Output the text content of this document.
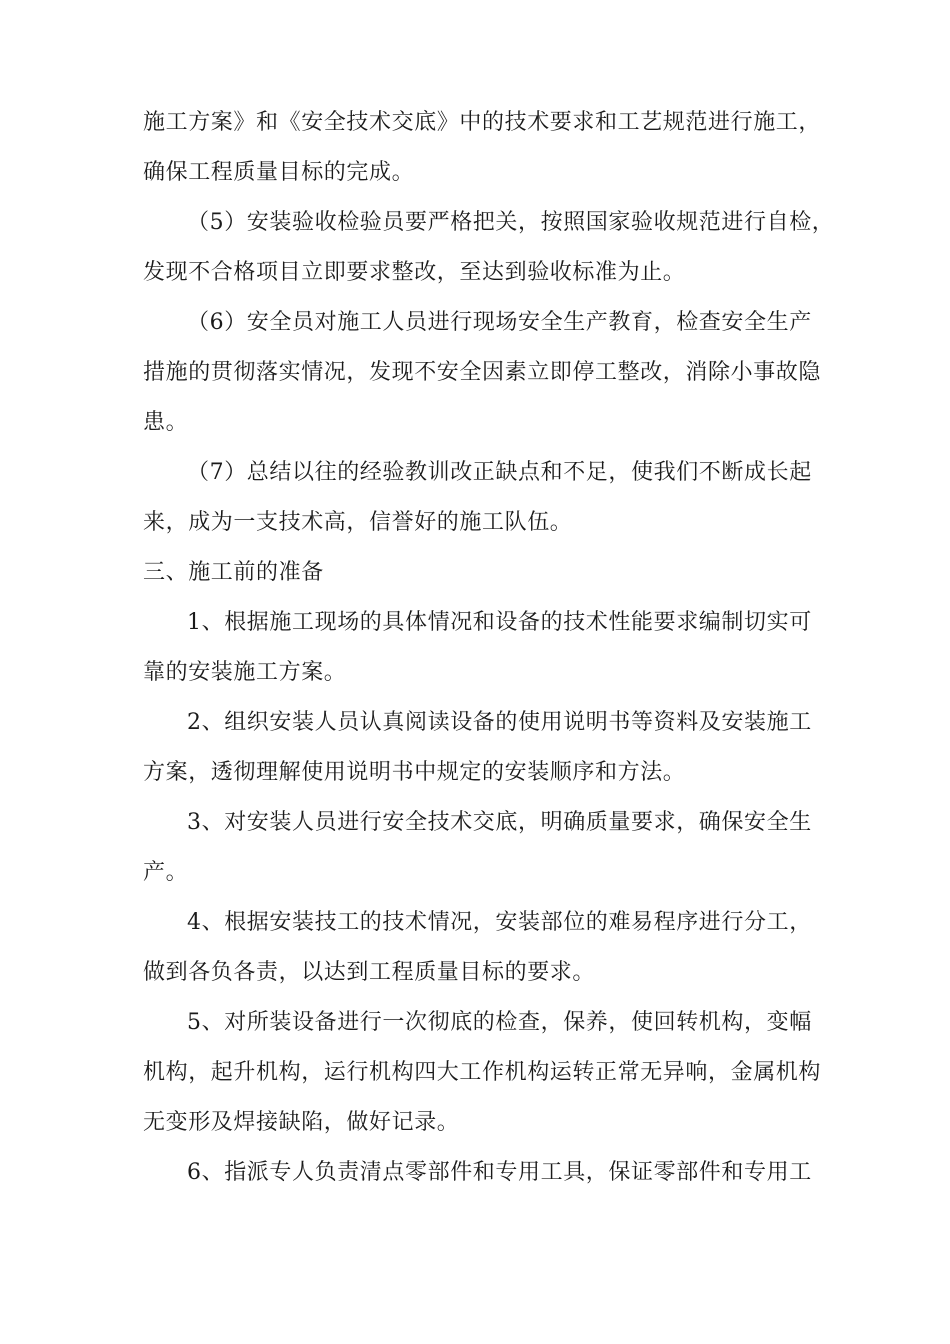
施工方案》和《安全技术交底》中的技术要求和工艺规范进行施工，
确保工程质量目标的完成。
（5）安装验收检验员要严格把关，按照国家验收规范进行自检，
发现不合格项目立即要求整改，至达到验收标准为止。
（6）安全员对施工人员进行现场安全生产教育，检查安全生产
措施的贯彻落实情况，发现不安全因素立即停工整改，消除小事故隐
患。
（7）总结以往的经验教训改正缺点和不足，使我们不断成长起
来，成为一支技术高，信誉好的施工队伍。
三、施工前的准备
1、根据施工现场的具体情况和设备的技术性能要求编制切实可
靠的安装施工方案。
2、组织安装人员认真阅读设备的使用说明书等资料及安装施工
方案，透彻理解使用说明书中规定的安装顺序和方法。
3、对安装人员进行安全技术交底，明确质量要求，确保安全生
产。
4、根据安装技工的技术情况，安装部位的难易程序进行分工，
做到各负各责，以达到工程质量目标的要求。
5、对所装设备进行一次彻底的检查，保养，使回转机构，变幅
机构，起升机构，运行机构四大工作机构运转正常无异响，金属机构
无变形及焊接缺陷，做好记录。
6、指派专人负责清点零部件和专用工具，保证零部件和专用工
